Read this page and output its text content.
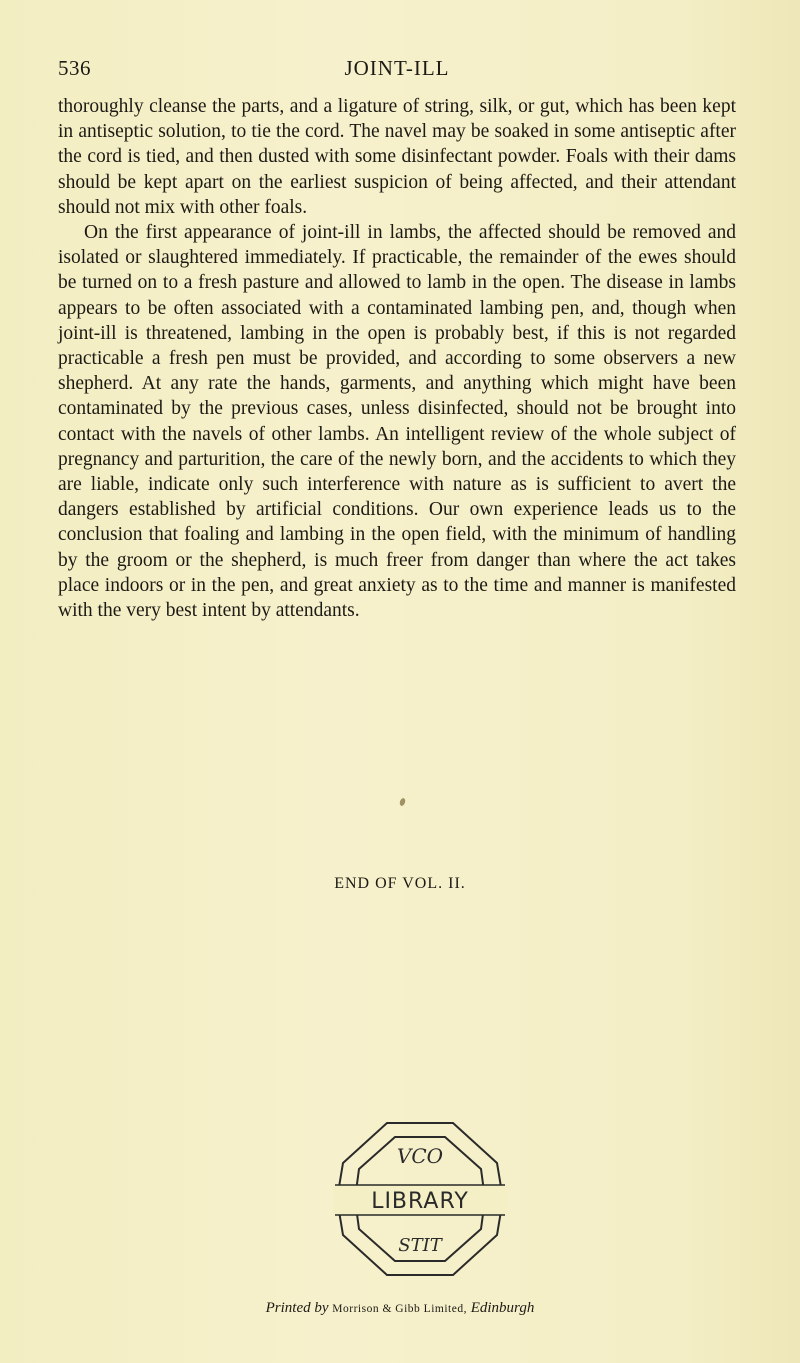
536	JOINT-ILL

thoroughly cleanse the parts, and a ligature of string, silk, or gut, which has been kept in antiseptic solution, to tie the cord. The navel may be soaked in some antiseptic after the cord is tied, and then dusted with some disinfectant powder. Foals with their dams should be kept apart on the earliest suspicion of being affected, and their attendant should not mix with other foals.

On the first appearance of joint-ill in lambs, the affected should be removed and isolated or slaughtered immediately. If practicable, the remainder of the ewes should be turned on to a fresh pasture and allowed to lamb in the open. The disease in lambs appears to be often associated with a contaminated lambing pen, and, though when joint-ill is threatened, lambing in the open is probably best, if this is not regarded practicable a fresh pen must be provided, and according to some observers a new shepherd. At any rate the hands, garments, and anything which might have been contaminated by the previous cases, unless disinfected, should not be brought into contact with the navels of other lambs. An intelligent review of the whole subject of pregnancy and parturition, the care of the newly born, and the accidents to which they are liable, indicate only such interference with nature as is sufficient to avert the dangers established by artificial conditions. Our own experience leads us to the conclusion that foaling and lambing in the open field, with the minimum of handling by the groom or the shepherd, is much freer from danger than where the act takes place indoors or in the pen, and great anxiety as to the time and manner is manifested with the very best intent by attendants.

END OF VOL. II.
LIBRARY
VCO
STIT
Printed by Morrison & Gibb Limited, Edinburgh
